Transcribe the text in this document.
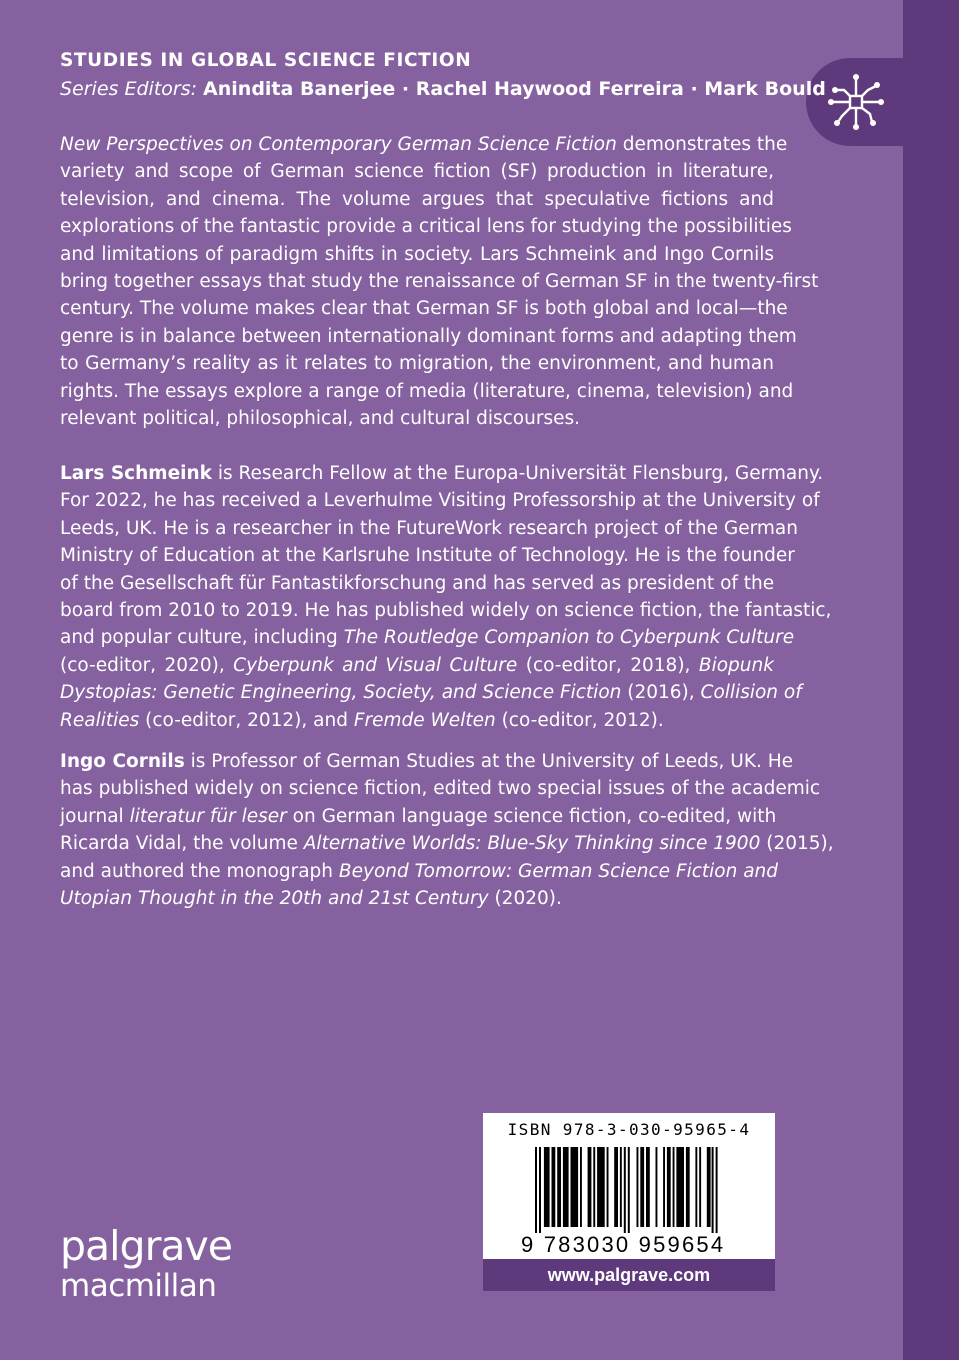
STUDIES IN GLOBAL SCIENCE FICTION
Series Editors: Anindita Banerjee · Rachel Haywood Ferreira · Mark Bould
New Perspectives on Contemporary German Science Fiction demonstrates the
variety and scope of German science fiction (SF) production in literature,
television, and cinema. The volume argues that speculative fictions and
explorations of the fantastic provide a critical lens for studying the possibilities
and limitations of paradigm shifts in society. Lars Schmeink and Ingo Cornils
bring together essays that study the renaissance of German SF in the twenty-first
century. The volume makes clear that German SF is both global and local—the
genre is in balance between internationally dominant forms and adapting them
to Germany’s reality as it relates to migration, the environment, and human
rights. The essays explore a range of media (literature, cinema, television) and
relevant political, philosophical, and cultural discourses.
Lars Schmeink is Research Fellow at the Europa-Universität Flensburg, Germany.
For 2022, he has received a Leverhulme Visiting Professorship at the University of
Leeds, UK. He is a researcher in the FutureWork research project of the German
Ministry of Education at the Karlsruhe Institute of Technology. He is the founder
of the Gesellschaft für Fantastikforschung and has served as president of the
board from 2010 to 2019. He has published widely on science fiction, the fantastic,
and popular culture, including The Routledge Companion to Cyberpunk Culture
(co-editor, 2020), Cyberpunk and Visual Culture (co-editor, 2018), Biopunk
Dystopias: Genetic Engineering, Society, and Science Fiction (2016), Collision of
Realities (co-editor, 2012), and Fremde Welten (co-editor, 2012).
Ingo Cornils is Professor of German Studies at the University of Leeds, UK. He
has published widely on science fiction, edited two special issues of the academic
journal literatur für leser on German language science fiction, co-edited, with
Ricarda Vidal, the volume Alternative Worlds: Blue-Sky Thinking since 1900 (2015),
and authored the monograph Beyond Tomorrow: German Science Fiction and
Utopian Thought in the 20th and 21st Century (2020).
palgrave
macmillan
ISBN 978-3-030-95965-4
9 783030 959654
www.palgrave.com
